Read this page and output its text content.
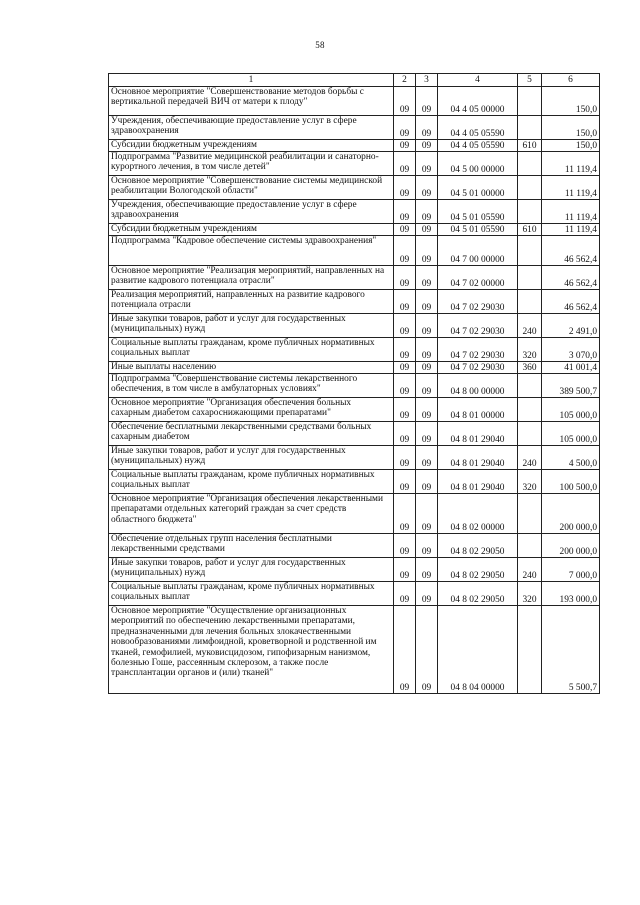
58
1	2	3	4	5	6
Основное мероприятие "Совершенствование методов борьбы с вертикальной передачей ВИЧ от матери к плоду"	09	09	04 4 05 00000		150,0
Учреждения, обеспечивающие предоставление услуг в сфере здравоохранения	09	09	04 4 05 05590		150,0
Субсидии бюджетным учреждениям	09	09	04 4 05 05590	610	150,0
Подпрограмма "Развитие медицинской реабилитации и санаторно-курортного лечения, в том числе детей"	09	09	04 5 00 00000		11 119,4
Основное мероприятие "Совершенствование системы медицинской реабилитации Вологодской области"	09	09	04 5 01 00000		11 119,4
Учреждения, обеспечивающие предоставление услуг в сфере здравоохранения	09	09	04 5 01 05590		11 119,4
Субсидии бюджетным учреждениям	09	09	04 5 01 05590	610	11 119,4
Подпрограмма "Кадровое обеспечение системы здравоохранения"	09	09	04 7 00 00000		46 562,4
Основное мероприятие "Реализация мероприятий, направленных на развитие кадрового потенциала отрасли"	09	09	04 7 02 00000		46 562,4
Реализация мероприятий, направленных на развитие кадрового потенциала отрасли	09	09	04 7 02 29030		46 562,4
Иные закупки товаров, работ и услуг для государственных (муниципальных) нужд	09	09	04 7 02 29030	240	2 491,0
Социальные выплаты гражданам, кроме публичных нормативных социальных выплат	09	09	04 7 02 29030	320	3 070,0
Иные выплаты населению	09	09	04 7 02 29030	360	41 001,4
Подпрограмма "Совершенствование системы лекарственного обеспечения, в том числе в амбулаторных условиях"	09	09	04 8 00 00000		389 500,7
Основное мероприятие "Организация обеспечения больных сахарным диабетом сахароснижающими препаратами"	09	09	04 8 01 00000		105 000,0
Обеспечение бесплатными лекарственными средствами больных сахарным диабетом	09	09	04 8 01 29040		105 000,0
Иные закупки товаров, работ и услуг для государственных (муниципальных) нужд	09	09	04 8 01 29040	240	4 500,0
Социальные выплаты гражданам, кроме публичных нормативных социальных выплат	09	09	04 8 01 29040	320	100 500,0
Основное мероприятие "Организация обеспечения лекарственными препаратами отдельных категорий граждан за счет средств областного бюджета"	09	09	04 8 02 00000		200 000,0
Обеспечение отдельных групп населения бесплатными лекарственными средствами	09	09	04 8 02 29050		200 000,0
Иные закупки товаров, работ и услуг для государственных (муниципальных) нужд	09	09	04 8 02 29050	240	7 000,0
Социальные выплаты гражданам, кроме публичных нормативных социальных выплат	09	09	04 8 02 29050	320	193 000,0
Основное мероприятие "Осуществление организационных мероприятий по обеспечению лекарственными препаратами, предназначенными для лечения больных злокачественными новообразованиями лимфоидной, кроветворной и родственной им тканей, гемофилией, муковисцидозом, гипофизарным нанизмом, болезнью Гоше, рассеянным склерозом, а также после трансплантации органов и (или) тканей"	09	09	04 8 04 00000		5 500,7
